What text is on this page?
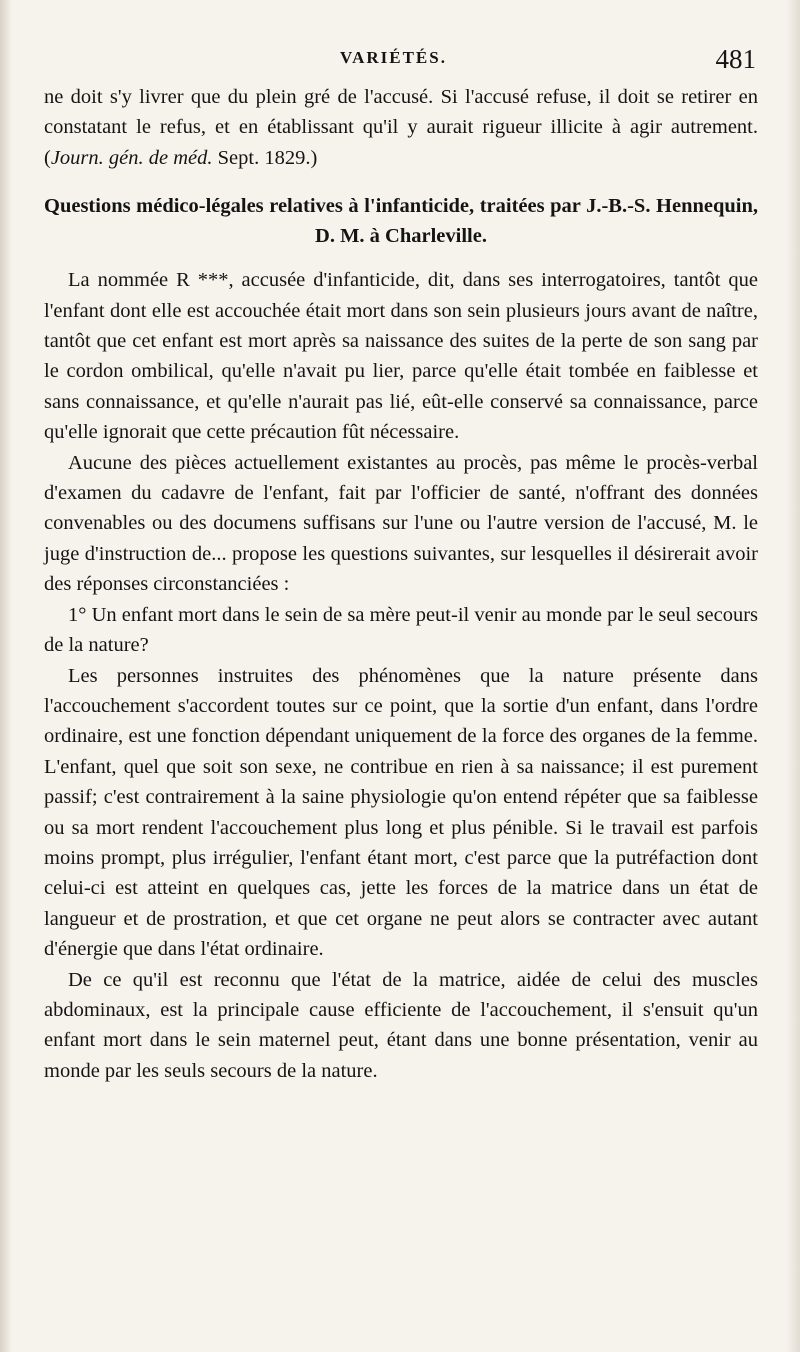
VARIÉTÉS.	481

ne doit s'y livrer que du plein gré de l'accusé. Si l'accusé refuse, il doit se retirer en constatant le refus, et en établissant qu'il y aurait rigueur illicite à agir autrement. (Journ. gén. de méd. Sept. 1829.)

Questions médico-légales relatives à l'infanticide, traitées par J.-B.-S. Hennequin, D. M. à Charleville.

La nommée R ***, accusée d'infanticide, dit, dans ses interrogatoires, tantôt que l'enfant dont elle est accouchée était mort dans son sein plusieurs jours avant de naître, tantôt que cet enfant est mort après sa naissance des suites de la perte de son sang par le cordon ombilical, qu'elle n'avait pu lier, parce qu'elle était tombée en faiblesse et sans connaissance, et qu'elle n'aurait pas lié, eût-elle conservé sa connaissance, parce qu'elle ignorait que cette précaution fût nécessaire.

Aucune des pièces actuellement existantes au procès, pas même le procès-verbal d'examen du cadavre de l'enfant, fait par l'officier de santé, n'offrant des données convenables ou des documens suffisans sur l'une ou l'autre version de l'accusé, M. le juge d'instruction de... propose les questions suivantes, sur lesquelles il désirerait avoir des réponses circonstanciées :

1° Un enfant mort dans le sein de sa mère peut-il venir au monde par le seul secours de la nature?

Les personnes instruites des phénomènes que la nature présente dans l'accouchement s'accordent toutes sur ce point, que la sortie d'un enfant, dans l'ordre ordinaire, est une fonction dépendant uniquement de la force des organes de la femme. L'enfant, quel que soit son sexe, ne contribue en rien à sa naissance; il est purement passif; c'est contrairement à la saine physiologie qu'on entend répéter que sa faiblesse ou sa mort rendent l'accouchement plus long et plus pénible. Si le travail est parfois moins prompt, plus irrégulier, l'enfant étant mort, c'est parce que la putréfaction dont celui-ci est atteint en quelques cas, jette les forces de la matrice dans un état de langueur et de prostration, et que cet organe ne peut alors se contracter avec autant d'énergie que dans l'état ordinaire.

De ce qu'il est reconnu que l'état de la matrice, aidée de celui des muscles abdominaux, est la principale cause efficiente de l'accouchement, il s'ensuit qu'un enfant mort dans le sein maternel peut, étant dans une bonne présentation, venir au monde par les seuls secours de la nature.
